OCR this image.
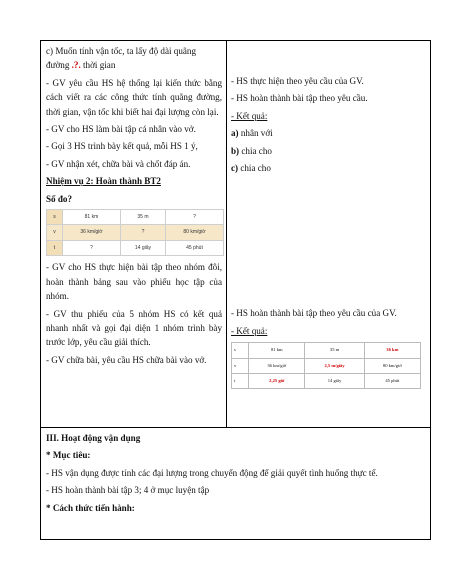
c) Muốn tính vận tốc, ta lấy độ dài quãng
đường .?. thời gian
- GV yêu cầu HS hệ thống lại kiến thức bằng cách viết ra các công thức tính quãng đường, thời gian, vận tốc khi biết hai đại lượng còn lại.
- GV cho HS làm bài tập cá nhân vào vở.
- Gọi 3 HS trình bày kết quả, mỗi HS 1 ý,
- GV nhận xét, chữa bài và chốt đáp án.
Nhiệm vụ 2: Hoàn thành BT2
Số đo?
s	81 km	35 m	?
v	36 km/giờ	?	80 km/giờ
t	?	14 giây	45 phút
- GV cho HS thực hiện bài tập theo nhóm đôi, hoàn thành bảng sau vào phiếu học tập của nhóm.
- GV thu phiếu của 5 nhóm HS có kết quả nhanh nhất và gọi đại diện 1 nhóm trình bày trước lớp, yêu cầu giải thích.
- GV chữa bài, yêu cầu HS chữa bài vào vở.
- HS thực hiện theo yêu cầu của GV.
- HS hoàn thành bài tập theo yêu cầu.
- Kết quả:
a) nhân với
b) chia cho
c) chia cho
- HS hoàn thành bài tập theo yêu cầu của GV.
- Kết quả:
s	81 km	35 m	36 km
v	36 km/giờ	2,5 m/giây	80 km/giờ
t	2,25 giờ	14 giây	45 phút
III. Hoạt động vận dụng
* Mục tiêu:
- HS vận dụng được tính các đại lượng trong chuyển động để giải quyết tình huống thực tế.
- HS hoàn thành bài tập 3; 4 ở mục luyện tập
* Cách thức tiến hành:
